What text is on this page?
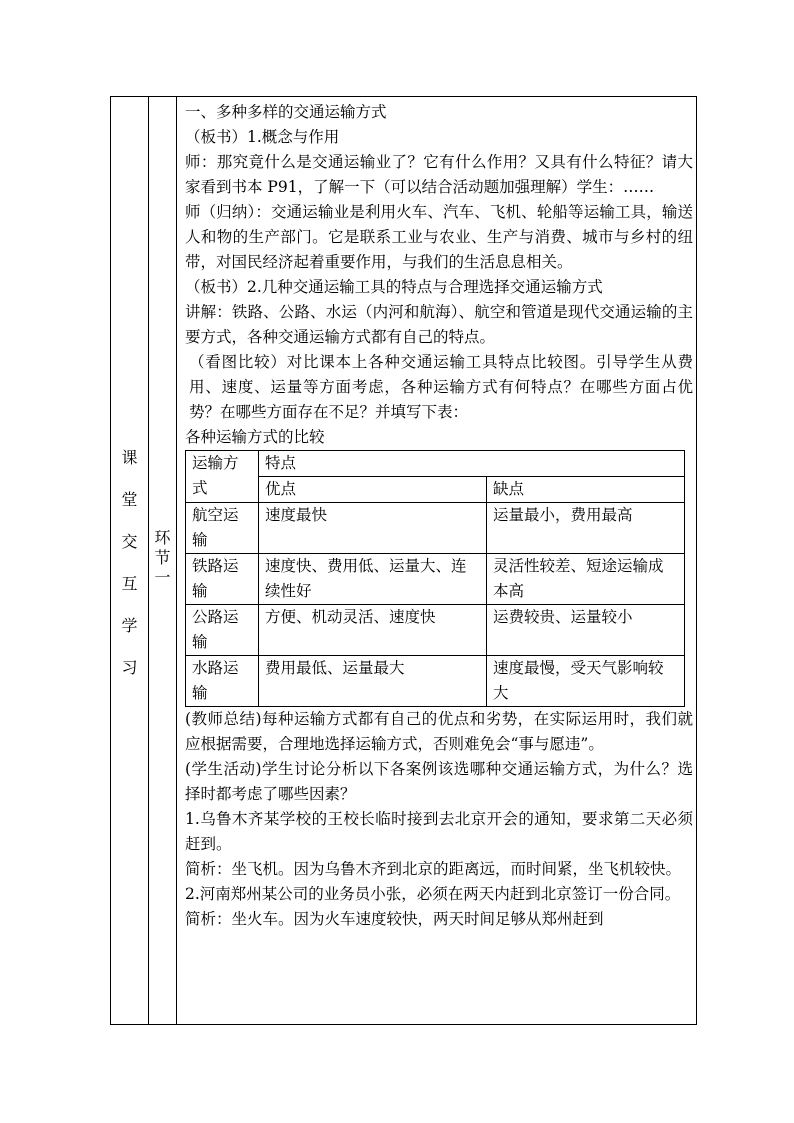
课
堂
交
互
学
习
环
节
一

一、多种多样的交通运输方式

（板书）1.概念与作用

师：那究竟什么是交通运输业了？它有什么作用？又具有什么特征？请大家看到书本 P91，了解一下（可以结合活动题加强理解）学生：……

师（归纳）：交通运输业是利用火车、汽车、飞机、轮船等运输工具，输送人和物的生产部门。它是联系工业与农业、生产与消费、城市与乡村的纽带，对国民经济起着重要作用，与我们的生活息息相关。

（板书）2.几种交通运输工具的特点与合理选择交通运输方式

讲解：铁路、公路、水运（内河和航海）、航空和管道是现代交通运输的主要方式，各种交通运输方式都有自己的特点。

（看图比较）对比课本上各种交通运输工具特点比较图。引导学生从费用、速度、运量等方面考虑，各种运输方式有何特点？在哪些方面占优势？在哪些方面存在不足？并填写下表：

各种运输方式的比较

运输方式	特点	
	优点	缺点
航空运输	速度最快	运量最小，费用最高
铁路运输	速度快、费用低、运量大、连续性好	灵活性较差、短途运输成本高
公路运输	方便、机动灵活、速度快	运费较贵、运量较小
水路运输	费用最低、运量最大	速度最慢，受天气影响较大

(教师总结)每种运输方式都有自己的优点和劣势，在实际运用时，我们就应根据需要，合理地选择运输方式，否则难免会“事与愿违”。

(学生活动)学生讨论分析以下各案例该选哪种交通运输方式，为什么？选择时都考虑了哪些因素？

1.乌鲁木齐某学校的王校长临时接到去北京开会的通知，要求第二天必须赶到。

简析：坐飞机。因为乌鲁木齐到北京的距离远，而时间紧，坐飞机较快。

2.河南郑州某公司的业务员小张，必须在两天内赶到北京签订一份合同。

简析：坐火车。因为火车速度较快，两天时间足够从郑州赶到
